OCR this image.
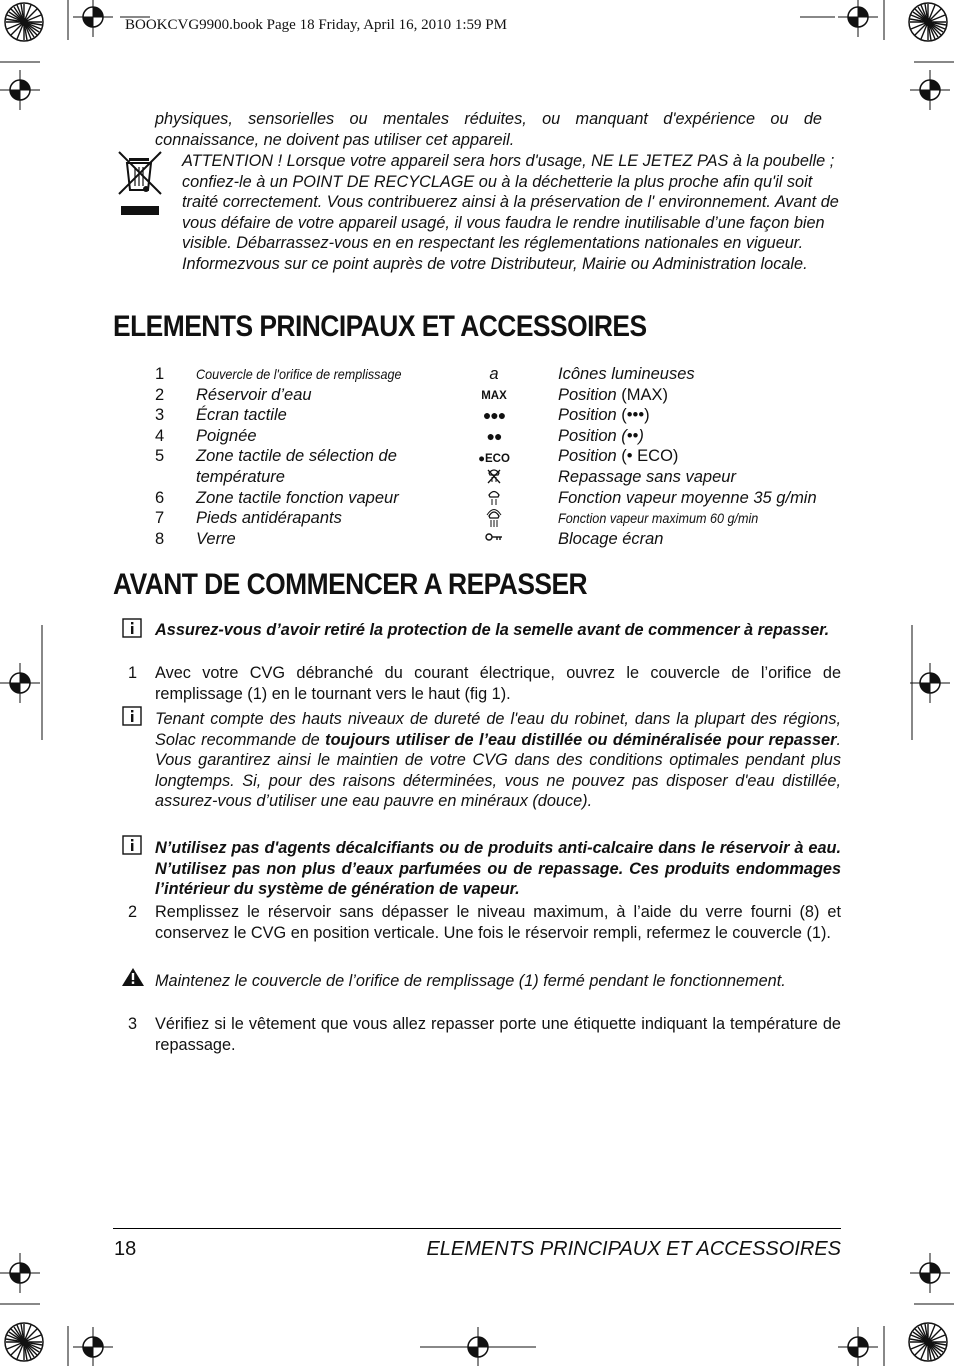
BOOKCVG9900.book Page 18 Friday, April 16, 2010 1:59 PM
physiques, sensorielles ou mentales réduites, ou manquant d'expérience ou de connaissance, ne doivent pas utiliser cet appareil.
ATTENTION ! Lorsque votre appareil sera hors d'usage, NE LE JETEZ PAS à la poubelle ; confiez-le à un POINT DE RECYCLAGE ou à la déchetterie la plus proche afin qu'il soit traité correctement. Vous contribuerez ainsi à la préservation de l' environnement. Avant de vous défaire de votre appareil usagé, il vous faudra le rendre inutilisable d’une façon bien visible. Débarrassez-vous en en respectant les réglementations nationales en vigueur. Informezvous sur ce point auprès de votre Distributeur, Mairie ou Administration locale.
ELEMENTS PRINCIPAUX ET ACCESSOIRES
1 Couvercle de l'orifice de remplissage
2 Réservoir d’eau
3 Écran tactile
4 Poignée
5 Zone tactile de sélection de
température
6 Zone tactile fonction vapeur
7 Pieds antidérapants
8 Verre
a
MAX
●●●
●●
●ECO
Icônes lumineuses
Position (MAX)
Position (•••)
Position (••)
Position (• ECO)
Repassage sans vapeur
Fonction vapeur moyenne 35 g/min
Fonction vapeur maximum 60 g/min
Blocage écran
AVANT DE COMMENCER A REPASSER
Assurez-vous d’avoir retiré la protection de la semelle avant de commencer à repasser.
1 Avec votre CVG débranché du courant électrique, ouvrez le couvercle de l’orifice de remplissage (1) en le tournant vers le haut (fig 1).
Tenant compte des hauts niveaux de dureté de l'eau du robinet, dans la plupart des régions, Solac recommande de toujours utiliser de l’eau distillée ou déminéralisée pour repasser. Vous garantirez ainsi le maintien de votre CVG dans des conditions optimales pendant plus longtemps. Si, pour des raisons déterminées, vous ne pouvez pas disposer d'eau distillée, assurez-vous d’utiliser une eau pauvre en minéraux (douce).
N’utilisez pas d'agents décalcifiants ou de produits anti-calcaire dans le réservoir à eau. N’utilisez pas non plus d’eaux parfumées ou de repassage. Ces produits endommages l’intérieur du système de génération de vapeur.
2 Remplissez le réservoir sans dépasser le niveau maximum, à l’aide du verre fourni (8) et conservez le CVG en position verticale. Une fois le réservoir rempli, refermez le couvercle (1).
Maintenez le couvercle de l’orifice de remplissage (1) fermé pendant le fonctionnement.
3 Vérifiez si le vêtement que vous allez repasser porte une étiquette indiquant la température de repassage.
18	ELEMENTS PRINCIPAUX ET ACCESSOIRES
